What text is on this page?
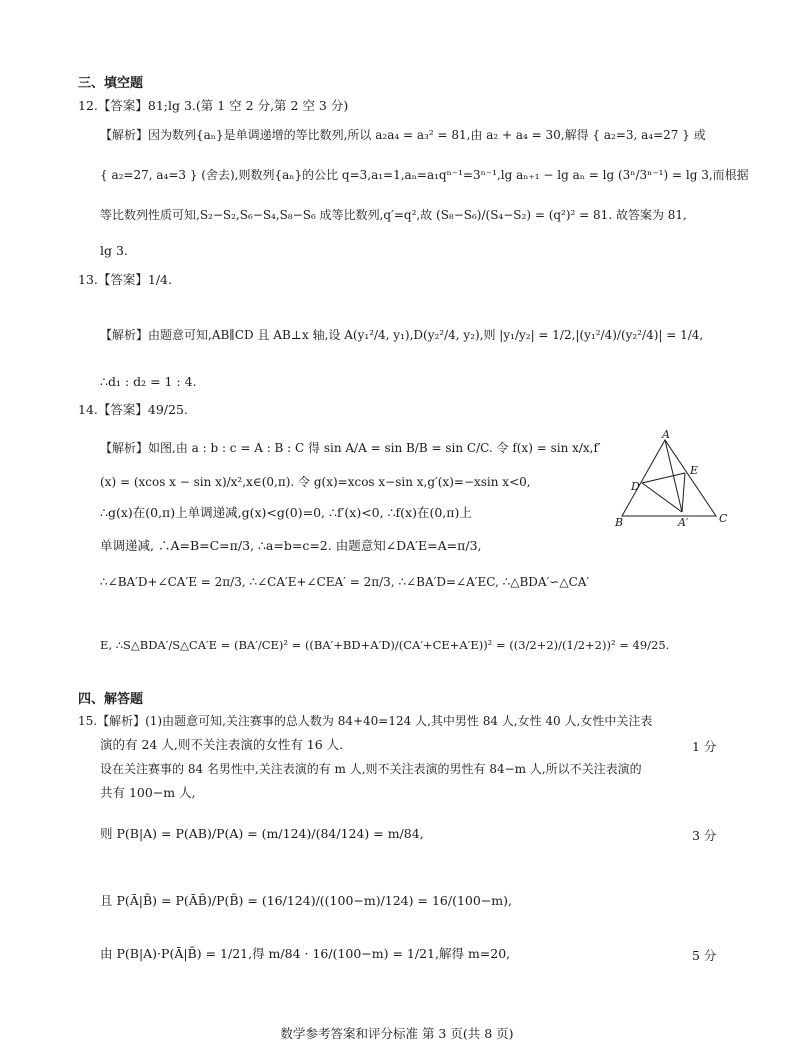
三、填空题
12.【答案】81;lg 3.(第 1 空 2 分,第 2 空 3 分)
【解析】因为数列{aₙ}是单调递增的等比数列,所以 a₂a₄ = a₃² = 81,由 a₂ + a₄ = 30,解得 { a₂=3, a₄=27 } 或
{ a₂=27, a₄=3 } (舍去),则数列{aₙ}的公比 q=3,a₁=1,aₙ=a₁qⁿ⁻¹=3ⁿ⁻¹,lg aₙ₊₁ − lg aₙ = lg (3ⁿ/3ⁿ⁻¹) = lg 3,而根据
等比数列性质可知,S₂−S₂,S₆−S₄,S₈−S₆ 成等比数列,q′=q²,故 (S₈−S₆)/(S₄−S₂) = (q²)² = 81. 故答案为 81,
lg 3.
13.【答案】1/4.
【解析】由题意可知,AB∥CD 且 AB⊥x 轴,设 A(y₁²/4, y₁),D(y₂²/4, y₂),则 |y₁/y₂| = 1/2,|(y₁²/4)/(y₂²/4)| = 1/4,
∴d₁ : d₂ = 1 : 4.
14.【答案】49/25.
【解析】如图,由 a : b : c = A : B : C 得 sin A/A = sin B/B = sin C/C. 令 f(x) = sin x/x,f′
(x) = (xcos x − sin x)/x²,x∈(0,π). 令 g(x)=xcos x−sin x,g′(x)=−xsin x<0,
∴g(x)在(0,π)上单调递减,g(x)<g(0)=0, ∴f′(x)<0, ∴f(x)在(0,π)上
单调递减, ∴A=B=C=π/3, ∴a=b=c=2. 由题意知∠DA′E=A=π/3,
∴∠BA′D+∠CA′E = 2π/3, ∴∠CA′E+∠CEA′ = 2π/3, ∴∠BA′D=∠A′EC, ∴△BDA′∽△CA′
E, ∴S△BDA′/S△CA′E = (BA′/CE)² = ((BA′+BD+A′D)/(CA′+CE+A′E))² = ((3/2+2)/(1/2+2))² = 49/25.
A
E
D
B	A′	C
四、解答题
15.【解析】(1)由题意可知,关注赛事的总人数为 84+40=124 人,其中男性 84 人,女性 40 人,女性中关注表
演的有 24 人,则不关注表演的女性有 16 人.	1 分
设在关注赛事的 84 名男性中,关注表演的有 m 人,则不关注表演的男性有 84−m 人,所以不关注表演的
共有 100−m 人,
则 P(B|A) = P(AB)/P(A) = (m/124)/(84/124) = m/84,	3 分
且 P(Ā|B̄) = P(ĀB̄)/P(B̄) = (16/124)/((100−m)/124) = 16/(100−m),
由 P(B|A)·P(Ā|B̄) = 1/21,得 m/84 · 16/(100−m) = 1/21,解得 m=20,	5 分
数学参考答案和评分标准 第 3 页(共 8 页)
